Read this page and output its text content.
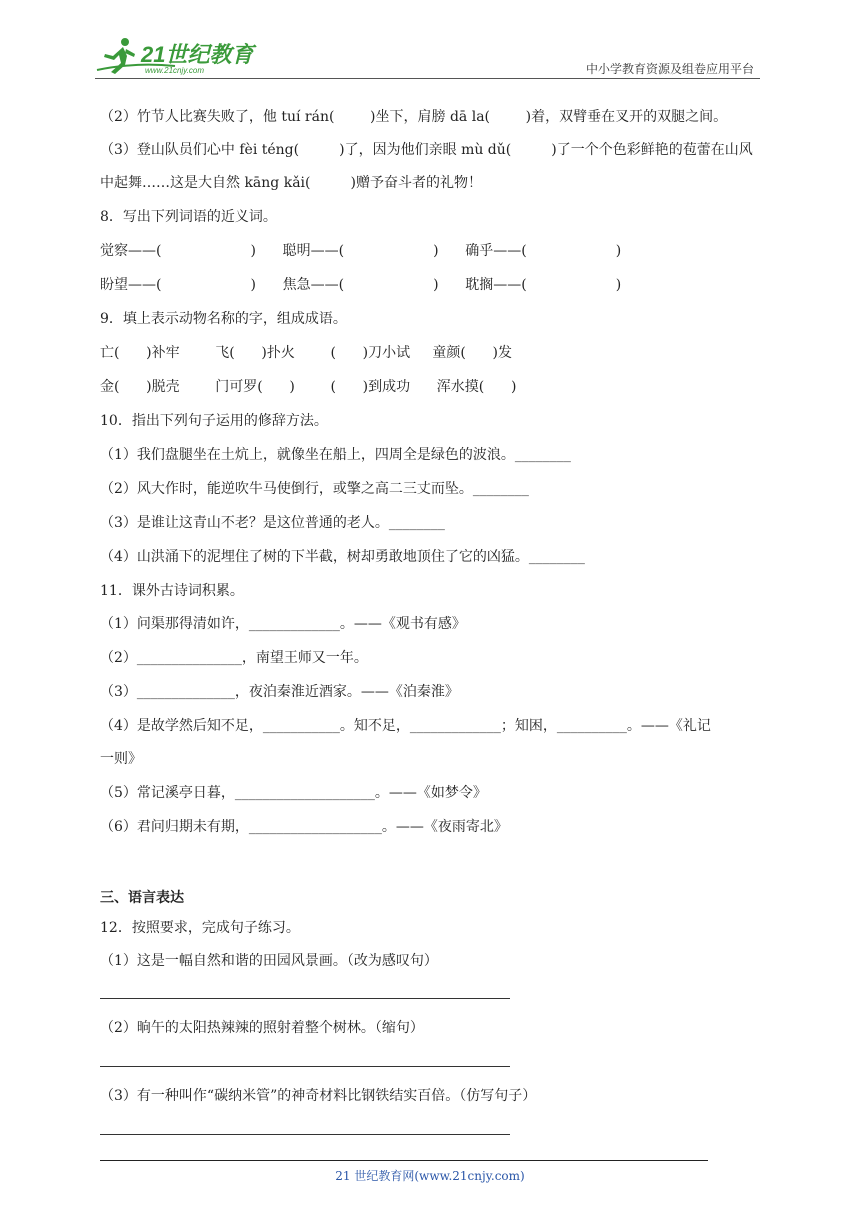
21世纪教育
www.21cnjy.com	中小学教育资源及组卷应用平台
（2）竹节人比赛失败了，他 tuí rán(        )坐下，肩膀 dā la(        )着，双臂垂在叉开的双腿之间。
（3）登山队员们心中 fèi téng(         )了，因为他们亲眼 mù dǔ(         )了一个个色彩鲜艳的苞蕾在山风
中起舞……这是大自然 kāng kǎi(         )赠予奋斗者的礼物！
8．写出下列词语的近义词。
觉察——(                    )      聪明——(                    )      确乎——(                    )
盼望——(                    )      焦急——(                    )      耽搁——(                    )
9．填上表示动物名称的字，组成成语。
亡(      )补牢        飞(      )扑火        (      )刀小试     童颜(      )发
金(      )脱壳        门可罗(      )        (      )到成功      浑水摸(      )
10．指出下列句子运用的修辞方法。
（1）我们盘腿坐在土炕上，就像坐在船上，四周全是绿色的波浪。________
（2）风大作时，能逆吹牛马使倒行，或擎之高二三丈而坠。________
（3）是谁让这青山不老？是这位普通的老人。________
（4）山洪涌下的泥埋住了树的下半截，树却勇敢地顶住了它的凶猛。________
11．课外古诗词积累。
（1）问渠那得清如许，_____________。——《观书有感》
（2）_______________，南望王师又一年。
（3）______________，夜泊秦淮近酒家。——《泊秦淮》
（4）是故学然后知不足，___________。知不足，_____________；知困，__________。——《礼记
一则》
（5）常记溪亭日暮，____________________。——《如梦令》
（6）君问归期未有期，___________________。——《夜雨寄北》
三、语言表达
12．按照要求，完成句子练习。
（1）这是一幅自然和谐的田园风景画。（改为感叹句）
（2）晌午的太阳热辣辣的照射着整个树林。（缩句）
（3）有一种叫作“碳纳米管”的神奇材料比钢铁结实百倍。（仿写句子）
21 世纪教育网(www.21cnjy.com)
